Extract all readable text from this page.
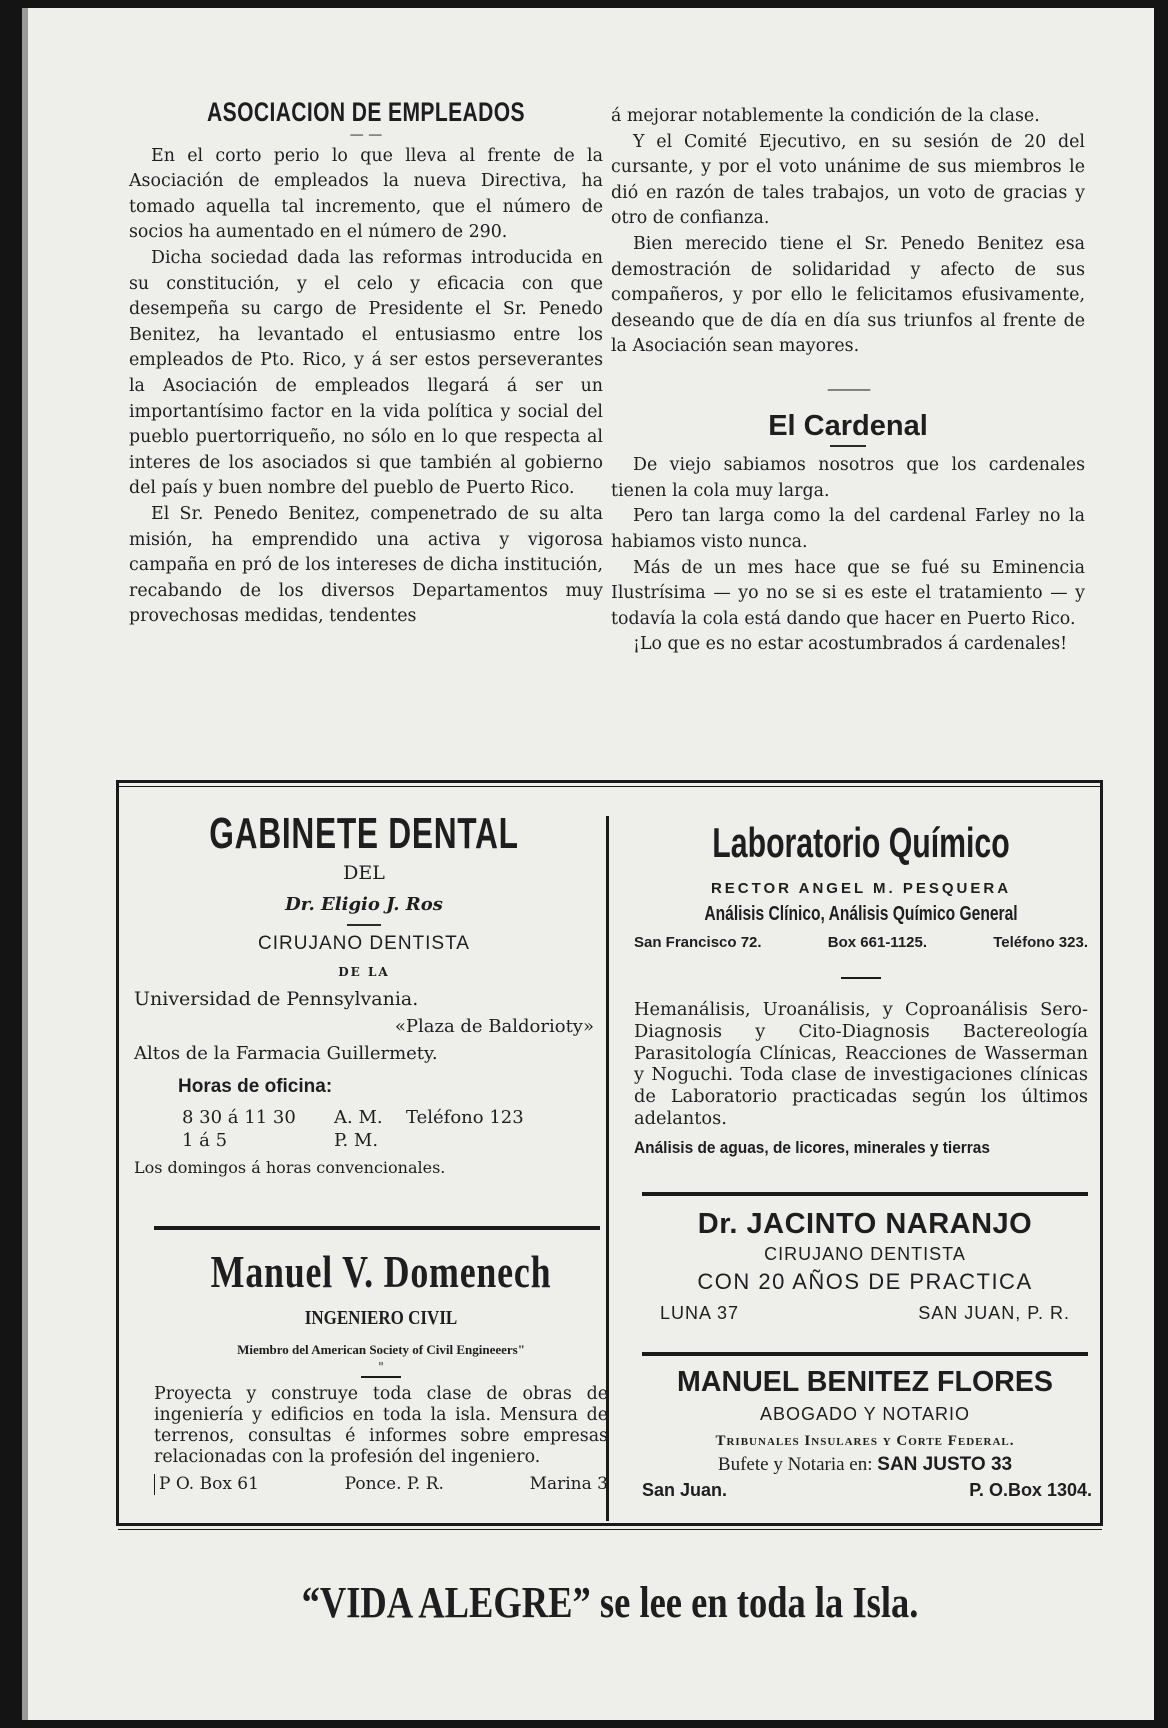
ASOCIACION DE EMPLEADOS
— —

En el corto perio lo que lleva al frente de la Asociación de empleados la nueva Directiva, ha tomado aquella tal incremento, que el número de socios ha aumentado en el número de 290.

Dicha sociedad dada las reformas introducida en su constitución, y el celo y eficacia con que desempeña su cargo de Presidente el Sr. Penedo Benitez, ha levantado el entusiasmo entre los empleados de Pto. Rico, y á ser estos perseverantes la Asociación de empleados llegará á ser un importantísimo factor en la vida política y social del pueblo puertorriqueño, no sólo en lo que respecta al interes de los asociados si que también al gobierno del país y buen nombre del pueblo de Puerto Rico.

El Sr. Penedo Benitez, compenetrado de su alta misión, ha emprendido una activa y vigorosa campaña en pró de los intereses de dicha institución, recabando de los diversos Departamentos muy provechosas medidas, tendentes

á mejorar notablemente la condición de la clase.

Y el Comité Ejecutivo, en su sesión de 20 del cursante, y por el voto unánime de sus miembros le dió en razón de tales trabajos, un voto de gracias y otro de confianza.

Bien merecido tiene el Sr. Penedo Benitez esa demostración de solidaridad y afecto de sus compañeros, y por ello le felicitamos efusivamente, deseando que de día en día sus triunfos al frente de la Asociación sean mayores.

———
El Cardenal

De viejo sabiamos nosotros que los cardenales tienen la cola muy larga.

Pero tan larga como la del cardenal Farley no la habiamos visto nunca.

Más de un mes hace que se fué su Eminencia Ilustrísima — yo no se si es este el tratamiento — y todavía la cola está dando que hacer en Puerto Rico.

¡Lo que es no estar acostumbrados á cardenales!

GABINETE DENTAL
DEL
Dr. Eligio J. Ros
CIRUJANO DENTISTA
DE LA
Universidad de Pennsylvania.
«Plaza de Baldorioty»
Altos de la Farmacia Guillermety.
Horas de oficina:
8 30 á 11 30	A. M.	Teléfono 123
1 á 5	P. M.
Los domingos á horas convencionales.
Manuel V. Domenech
INGENIERO CIVIL
Miembro del American Society of Civil Engineeers"
"
Proyecta y construye toda clase de obras de ingeniería y edificios en toda la isla. Mensura de terrenos, consultas é informes sobre empresas relacionadas con la profesión del ingeniero.
P O. Box 61	Ponce. P. R.	Marina 3
Laboratorio Químico
RECTOR ANGEL M. PESQUERA
Análisis Clínico, Análisis Químico General
San Francisco 72.	Box 661-1125.	Teléfono 323.
Hemanálisis, Uroanálisis, y Coproanálisis Sero-Diagnosis y Cito-Diagnosis Bactereología Parasitología Clínicas, Reacciones de Wasserman y Noguchi. Toda clase de investigaciones clínicas de Laboratorio practicadas según los últimos adelantos.
Análisis de aguas, de licores, minerales y tierras
Dr. JACINTO NARANJO
CIRUJANO DENTISTA
CON 20 AÑOS DE PRACTICA
LUNA 37	SAN JUAN, P. R.
MANUEL BENITEZ FLORES
ABOGADO Y NOTARIO
Tribunales Insulares y Corte Federal.
Bufete y Notaria en: SAN JUSTO 33
San Juan.	P. O.Box 1304.
“VIDA ALEGRE” se lee en toda la Isla.
